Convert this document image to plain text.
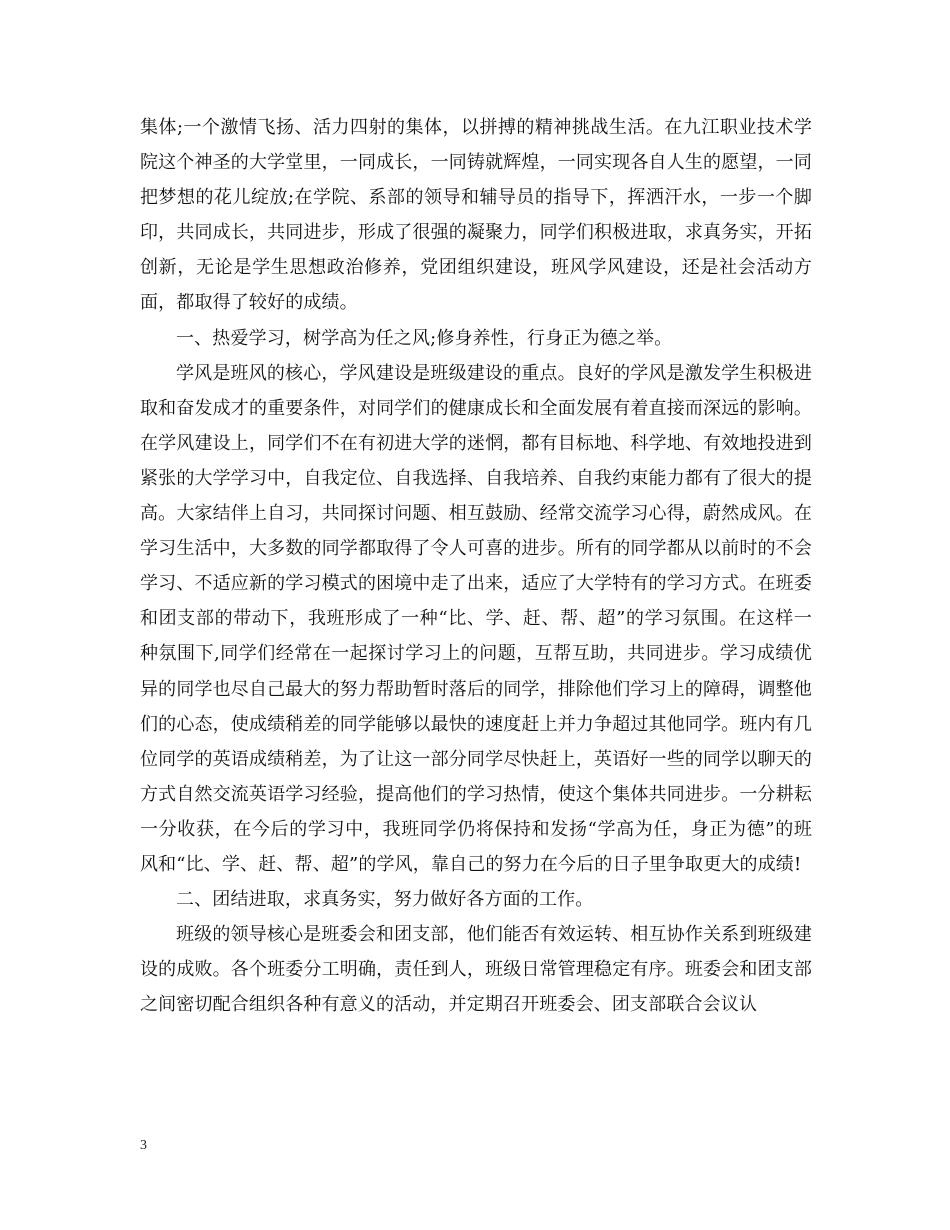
集体;一个激情飞扬、活力四射的集体，以拼搏的精神挑战生活。在九江职业技术学院这个神圣的大学堂里，一同成长，一同铸就辉煌，一同实现各自人生的愿望，一同把梦想的花儿绽放;在学院、系部的领导和辅导员的指导下，挥洒汗水，一步一个脚印，共同成长，共同进步，形成了很强的凝聚力，同学们积极进取，求真务实，开拓创新，无论是学生思想政治修养，党团组织建设，班风学风建设，还是社会活动方面，都取得了较好的成绩。

一、热爱学习，树学高为任之风;修身养性，行身正为德之举。

学风是班风的核心，学风建设是班级建设的重点。良好的学风是激发学生积极进取和奋发成才的重要条件，对同学们的健康成长和全面发展有着直接而深远的影响。在学风建设上，同学们不在有初进大学的迷惘，都有目标地、科学地、有效地投进到紧张的大学学习中，自我定位、自我选择、自我培养、自我约束能力都有了很大的提高。大家结伴上自习，共同探讨问题、相互鼓励、经常交流学习心得，蔚然成风。在学习生活中，大多数的同学都取得了令人可喜的进步。所有的同学都从以前时的不会学习、不适应新的学习模式的困境中走了出来，适应了大学特有的学习方式。在班委和团支部的带动下，我班形成了一种“比、学、赶、帮、超”的学习氛围。在这样一种氛围下,同学们经常在一起探讨学习上的问题，互帮互助，共同进步。学习成绩优异的同学也尽自己最大的努力帮助暂时落后的同学，排除他们学习上的障碍，调整他们的心态，使成绩稍差的同学能够以最快的速度赶上并力争超过其他同学。班内有几位同学的英语成绩稍差，为了让这一部分同学尽快赶上，英语好一些的同学以聊天的方式自然交流英语学习经验，提高他们的学习热情，使这个集体共同进步。一分耕耘一分收获，在今后的学习中，我班同学仍将保持和发扬“学高为任，身正为德”的班风和“比、学、赶、帮、超”的学风，靠自己的努力在今后的日子里争取更大的成绩!

二、团结进取，求真务实，努力做好各方面的工作。

班级的领导核心是班委会和团支部，他们能否有效运转、相互协作关系到班级建设的成败。各个班委分工明确，责任到人，班级日常管理稳定有序。班委会和团支部之间密切配合组织各种有意义的活动，并定期召开班委会、团支部联合会议认

3
